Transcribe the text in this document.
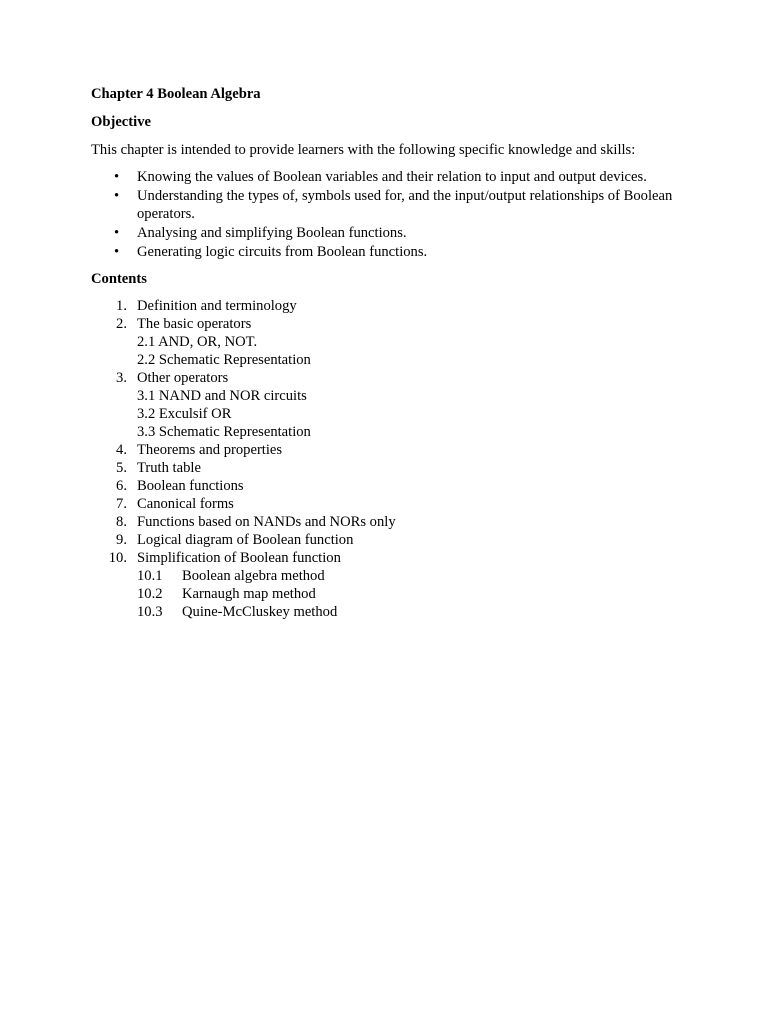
Chapter 4 Boolean Algebra

Objective

This chapter is intended to provide learners with the following specific knowledge and skills:

• Knowing the values of Boolean variables and their relation to input and output devices.
• Understanding the types of, symbols used for, and the input/output relationships of Boolean operators.
• Analysing and simplifying Boolean functions.
• Generating logic circuits from Boolean functions.

Contents

1. Definition and terminology
2. The basic operators
2.1 AND, OR, NOT.
2.2 Schematic Representation
3. Other operators
3.1 NAND and NOR circuits
3.2 Exculsif OR
3.3 Schematic Representation
4. Theorems and properties
5. Truth table
6. Boolean functions
7. Canonical forms
8. Functions based on NANDs and NORs only
9. Logical diagram of Boolean function
10. Simplification of Boolean function
10.1	Boolean algebra method
10.2	Karnaugh map method
10.3	Quine-McCluskey method
